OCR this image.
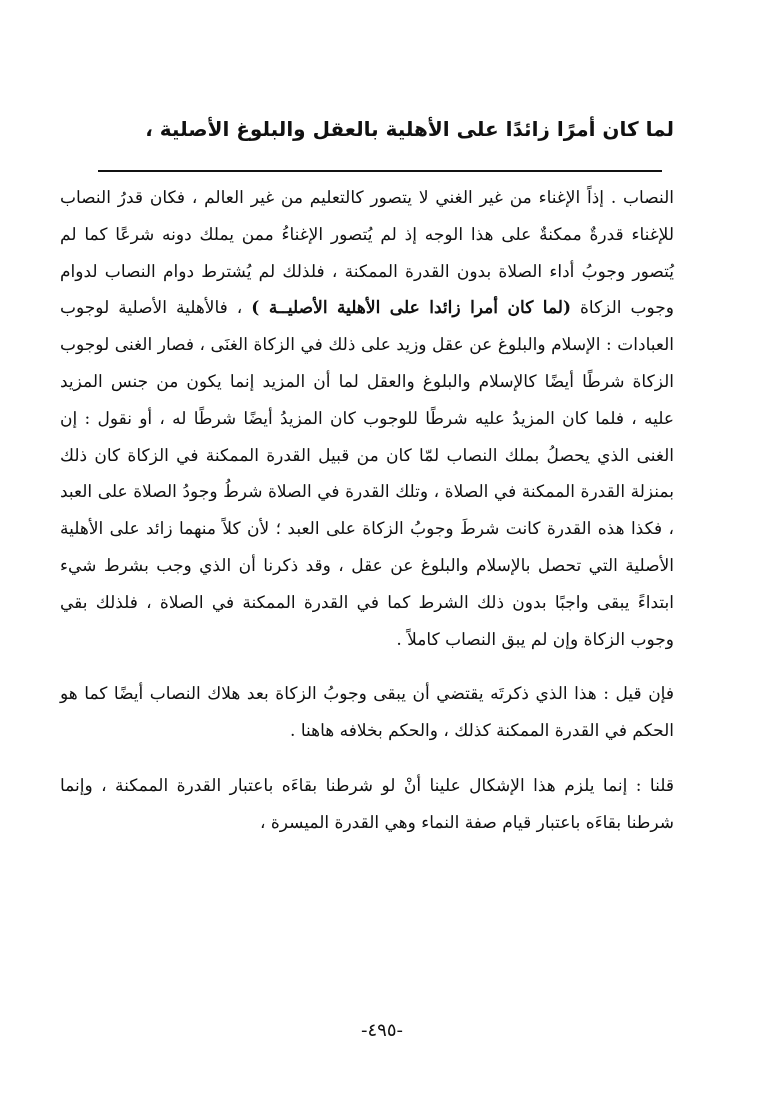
لما كان أمرًا زائدًا على الأهلية بالعقل والبلوغ الأصلية ،

النصاب . إذاً الإغناء من غير الغني لا يتصور كالتعليم من غير العالم ، فكان قدرُ النصاب للإغناء قدرةٌ ممكنةٌ على هذا الوجه إذ لم يُتصور الإغناءُ ممن يملك دونه شرعًا كما لم يُتصور وجوبُ أداء الصلاة بدون القدرة الممكنة ، فلذلك لم يُشترط دوام النصاب لدوام وجوب الزكاة (لما كان أمرا زائدا على الأهلية الأصليــة ) ، فالأهلية الأصلية لوجوب العبادات : الإسلام والبلوغ عن عقل وزيد على ذلك في الزكاة الغنَى ، فصار الغنى لوجوب الزكاة شرطًا أيضًا كالإسلام والبلوغ والعقل لما أن المزيد إنما يكون من جنس المزيد عليه ، فلما كان المزيدُ عليه شرطًا للوجوب كان المزيدُ أيضًا شرطًا له ، أو نقول : إن الغنى الذي يحصلُ بملك النصاب لمّا كان من قبيل القدرة الممكنة في الزكاة كان ذلك بمنزلة القدرة الممكنة في الصلاة ، وتلك القدرة في الصلاة شرطُ وجودُ الصلاة على العبد ، فكذا هذه القدرة كانت شرطَ وجوبُ الزكاة على العبد ؛ لأن كلاً منهما زائد على الأهلية الأصلية التي تحصل بالإسلام والبلوغ عن عقل ، وقد ذكرنا أن الذي وجب بشرط شيء ابتداءً يبقى واجبًا بدون ذلك الشرط كما في القدرة الممكنة في الصلاة ، فلذلك بقي وجوب الزكاة وإن لم يبق النصاب كاملاً .

فإن قيل : هذا الذي ذكرتَه يقتضي أن يبقى وجوبُ الزكاة بعد هلاك النصاب أيضًا كما هو الحكم في القدرة الممكنة كذلك ، والحكم بخلافه هاهنا .

قلنا : إنما يلزم هذا الإشكال علينا أنْ لو شرطنا بقاءَه باعتبار القدرة الممكنة ، وإنما شرطنا بقاءَه باعتبار قيام صفة النماء وهي القدرة الميسرة ،

-٤٩٥-
